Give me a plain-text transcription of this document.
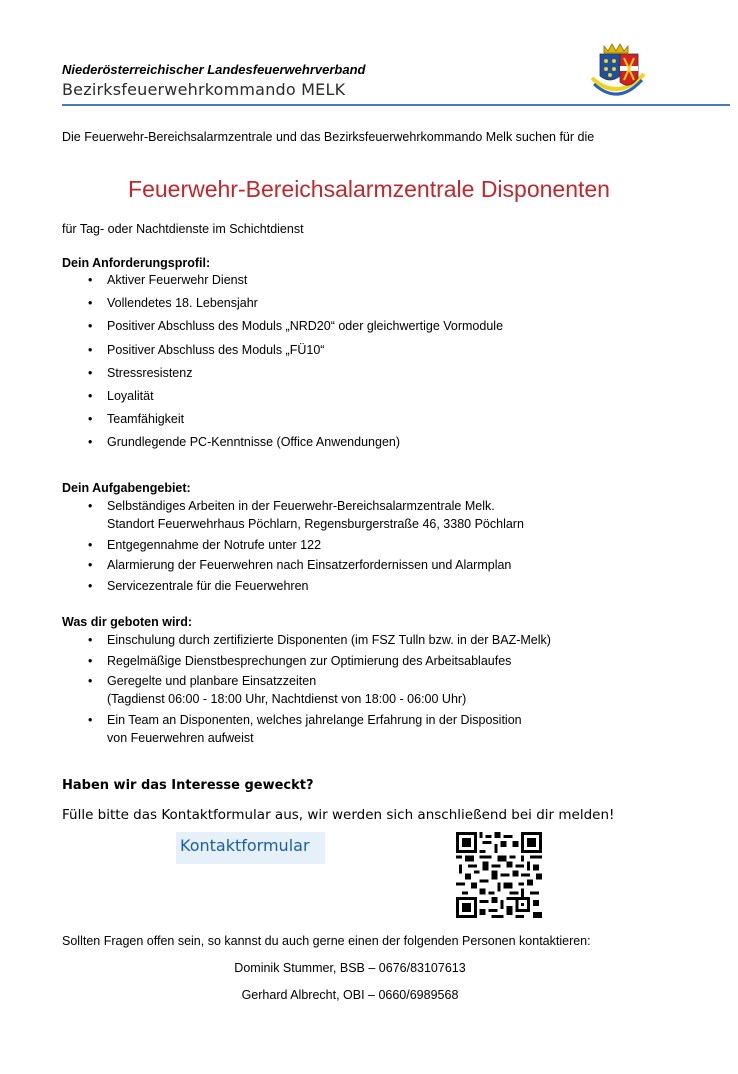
Niederösterreichischer Landesfeuerwehrverband
Bezirksfeuerwehrkommando MELK
Die Feuerwehr-Bereichsalarmzentrale und das Bezirksfeuerwehrkommando Melk suchen für die
Feuerwehr-Bereichsalarmzentrale Disponenten
für Tag- oder Nachtdienste im Schichtdienst
Dein Anforderungsprofil:
• Aktiver Feuerwehr Dienst
• Vollendetes 18. Lebensjahr
• Positiver Abschluss des Moduls „NRD20“ oder gleichwertige Vormodule
• Positiver Abschluss des Moduls „FÜ10“
• Stressresistenz
• Loyalität
• Teamfähigkeit
• Grundlegende PC-Kenntnisse (Office Anwendungen)
Dein Aufgabengebiet:
• Selbständiges Arbeiten in der Feuerwehr-Bereichsalarmzentrale Melk.
Standort Feuerwehrhaus Pöchlarn, Regensburgerstraße 46, 3380 Pöchlarn
• Entgegennahme der Notrufe unter 122
• Alarmierung der Feuerwehren nach Einsatzerfordernissen und Alarmplan
• Servicezentrale für die Feuerwehren
Was dir geboten wird:
• Einschulung durch zertifizierte Disponenten (im FSZ Tulln bzw. in der BAZ-Melk)
• Regelmäßige Dienstbesprechungen zur Optimierung des Arbeitsablaufes
• Geregelte und planbare Einsatzzeiten
(Tagdienst 06:00 - 18:00 Uhr, Nachtdienst von 18:00 - 06:00 Uhr)
• Ein Team an Disponenten, welches jahrelange Erfahrung in der Disposition
von Feuerwehren aufweist
Haben wir das Interesse geweckt?
Fülle bitte das Kontaktformular aus, wir werden sich anschließend bei dir melden!
Kontaktformular
Sollten Fragen offen sein, so kannst du auch gerne einen der folgenden Personen kontaktieren:
Dominik Stummer, BSB – 0676/83107613
Gerhard Albrecht, OBI – 0660/6989568
